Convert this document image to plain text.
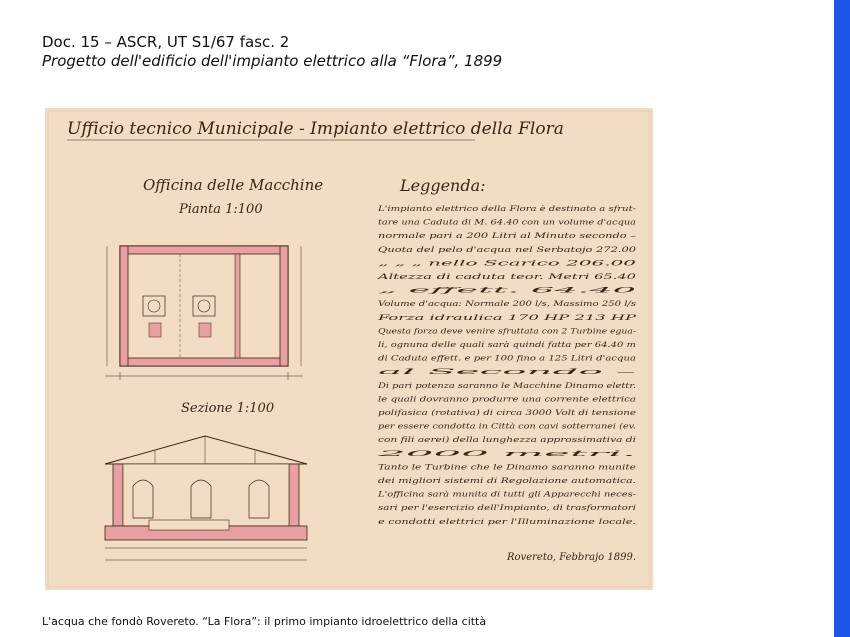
Doc. 15 – ASCR, UT S1/67 fasc. 2
Progetto dell'edificio dell'impianto elettrico alla “Flora”, 1899
Ufficio tecnico Municipale - Impianto elettrico della Flora
Officina delle Macchine
Pianta 1:100
Sezione 1:100
Leggenda:
L'impianto elettrico della Flora è destinato a sfrut-
tare una Caduta di M. 64.40 con un volume d'acqua
normale pari a 200 Litri al Minuto secondo –
Quota del pelo d'acqua nel Serbatojo 272.00
„ „ „ nello Scarico 206.00
Altezza di caduta teor. Metri 65.40
„ effett. 64.40
Volume d'acqua: Normale 200 l/s, Massimo 250 l/s
Forza idraulica 170 HP 213 HP
Questa forza deve venire sfruttata con 2 Turbine egua-
li, ognuna delle quali sarà quindi fatta per 64.40 m
di Caduta effett. e per 100 fino a 125 Litri d'acqua
al Secondo –
Di pari potenza saranno le Macchine Dinamo elettr.
le quali dovranno produrre una corrente elettrica
polifasica (rotativa) di circa 3000 Volt di tensione
per essere condotta in Città con cavi sotterranei (ev.
con fili aerei) della lunghezza approssimativa di
2000 metri.
Tanto le Turbine che le Dinamo saranno munite
dei migliori sistemi di Regolazione automatica.
L'officina sarà munita di tutti gli Apparecchi neces-
sari per l'esercizio dell'Impianto, di trasformatori
e condotti elettrici per l'Illuminazione locale.
Rovereto, Febbrajo 1899.
L'acqua che fondò Rovereto. “La Flora”: il primo impianto idroelettrico della città
